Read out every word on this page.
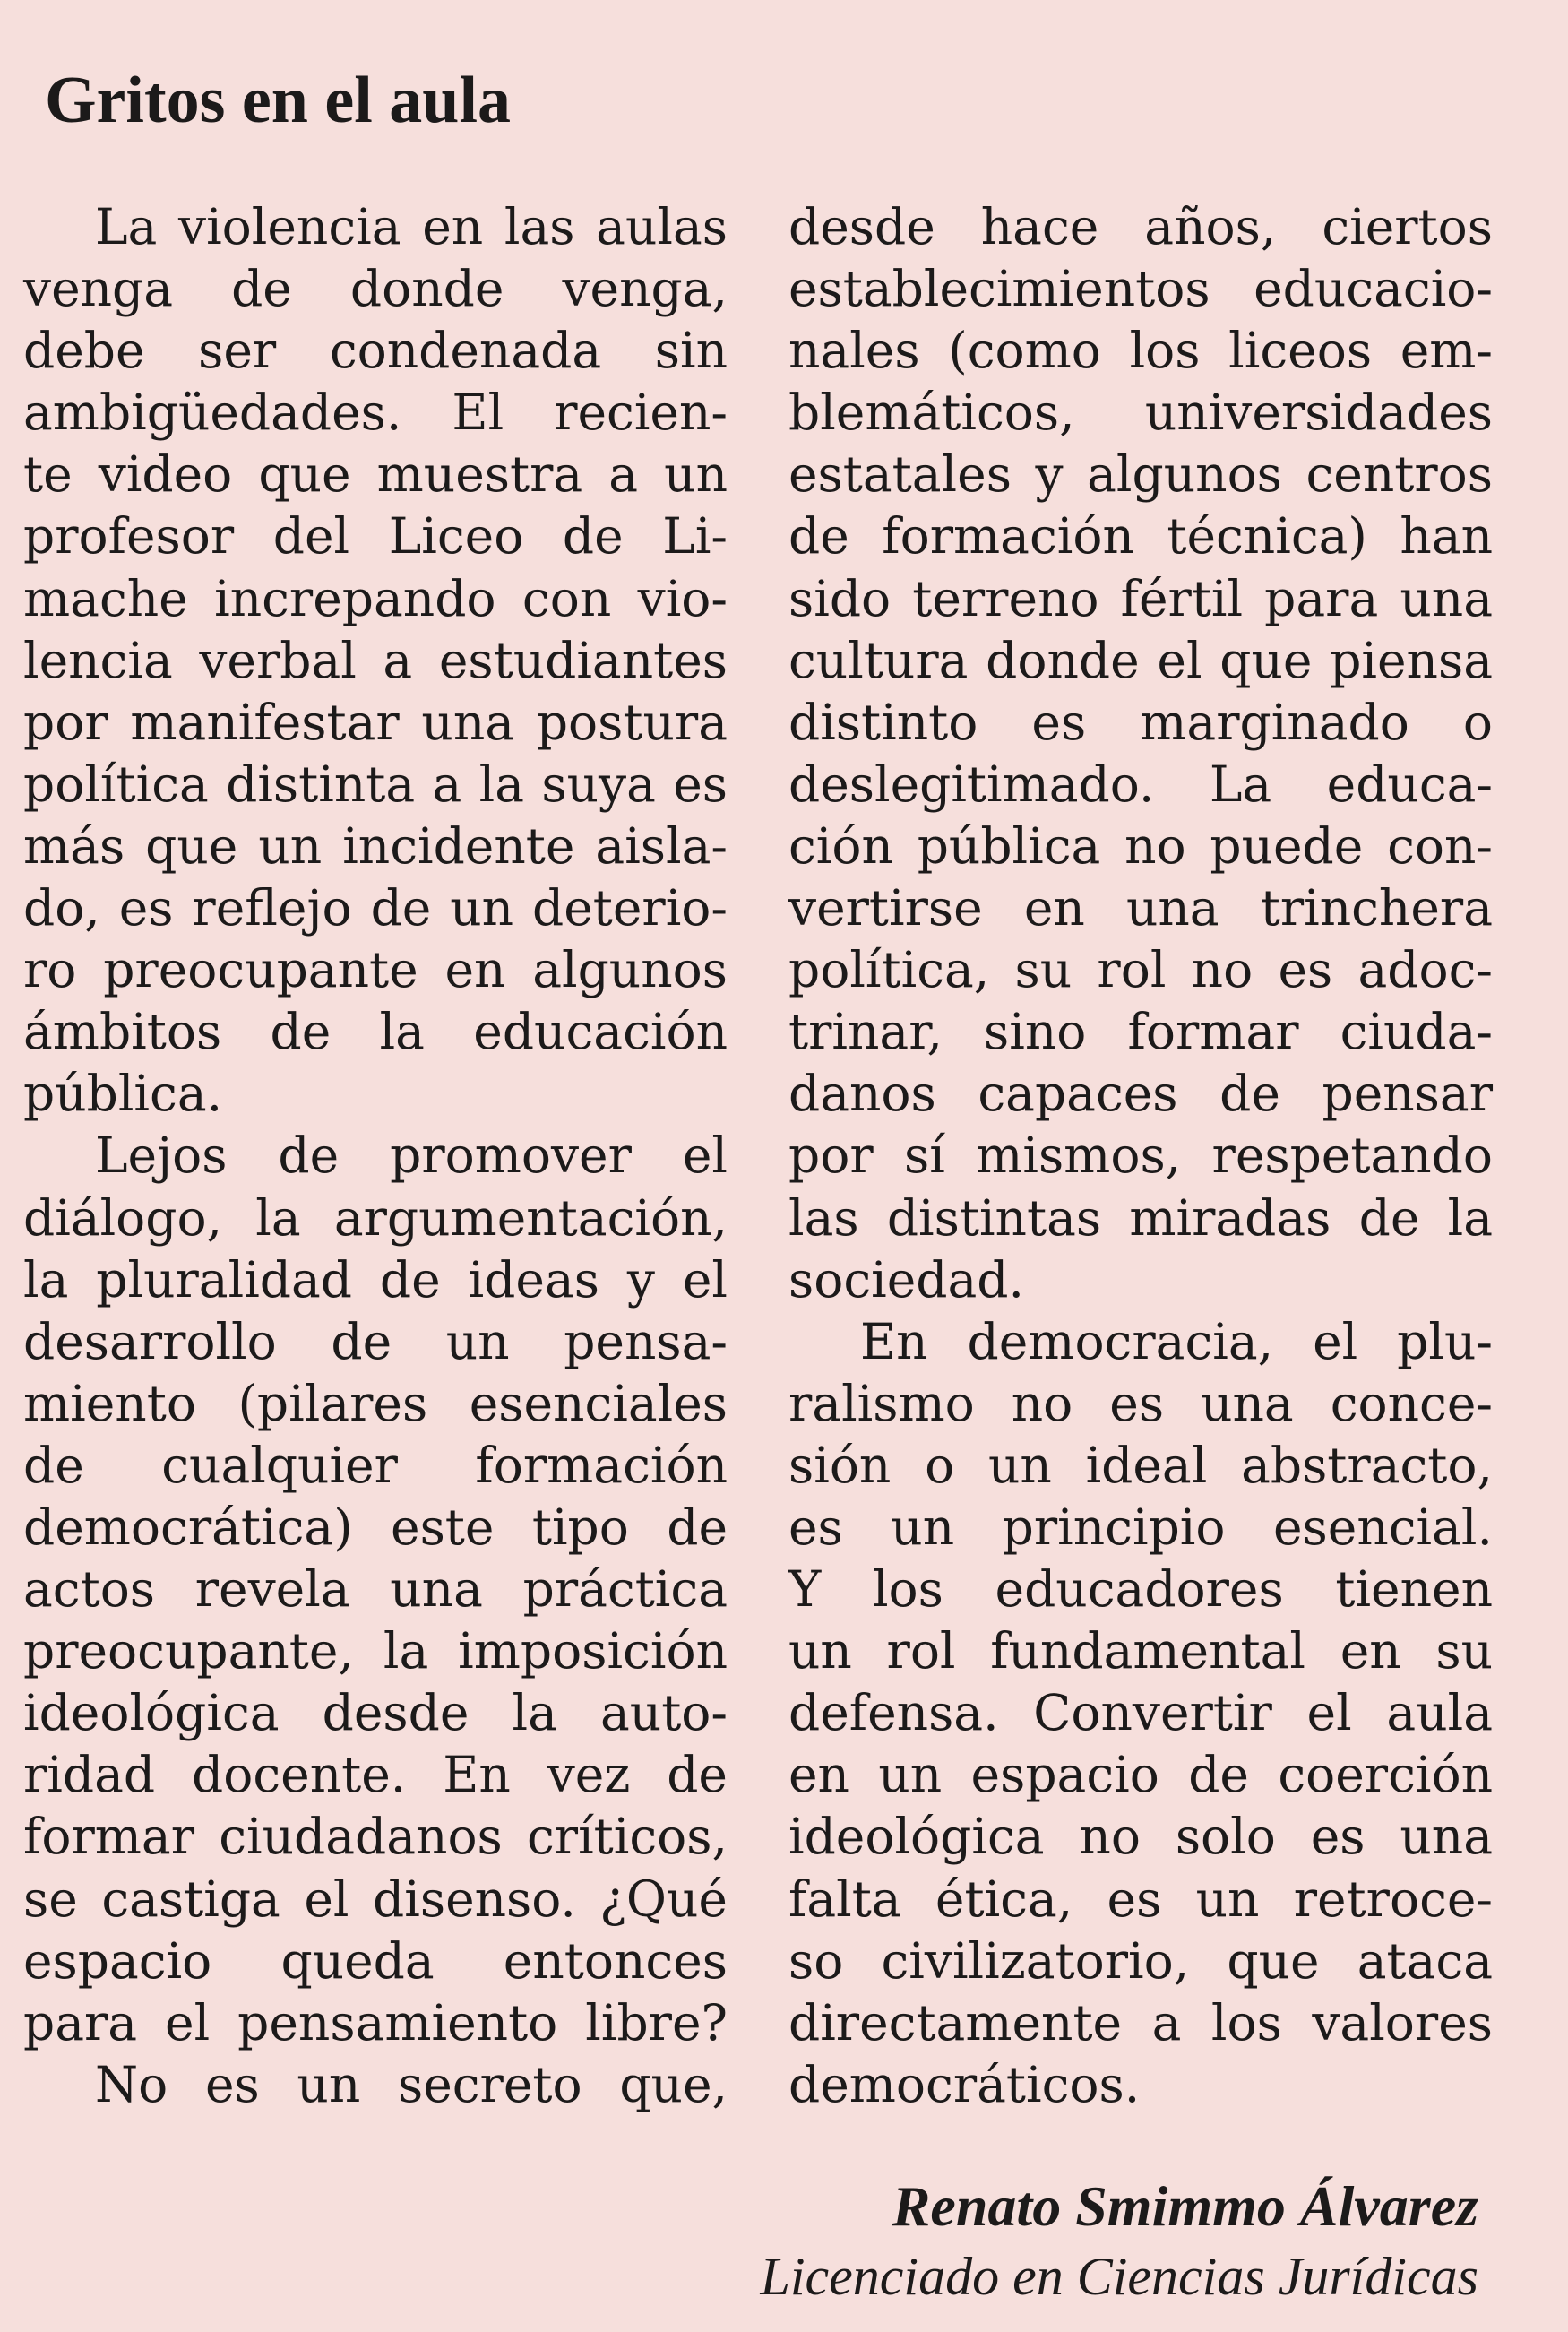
Gritos en el aula
La violencia en las aulas
venga de donde venga,
debe ser condenada sin
ambigüedades. El recien-
te video que muestra a un
profesor del Liceo de Li-
mache increpando con vio-
lencia verbal a estudiantes
por manifestar una postura
política distinta a la suya es
más que un incidente aisla-
do, es reflejo de un deterio-
ro preocupante en algunos
ámbitos de la educación
pública.
Lejos de promover el
diálogo, la argumentación,
la pluralidad de ideas y el
desarrollo de un pensa-
miento (pilares esenciales
de cualquier formación
democrática) este tipo de
actos revela una práctica
preocupante, la imposición
ideológica desde la auto-
ridad docente. En vez de
formar ciudadanos críticos,
se castiga el disenso. ¿Qué
espacio queda entonces
para el pensamiento libre?
No es un secreto que,
desde hace años, ciertos
establecimientos educacio-
nales (como los liceos em-
blemáticos, universidades
estatales y algunos centros
de formación técnica) han
sido terreno fértil para una
cultura donde el que piensa
distinto es marginado o
deslegitimado. La educa-
ción pública no puede con-
vertirse en una trinchera
política, su rol no es adoc-
trinar, sino formar ciuda-
danos capaces de pensar
por sí mismos, respetando
las distintas miradas de la
sociedad.
En democracia, el plu-
ralismo no es una conce-
sión o un ideal abstracto,
es un principio esencial.
Y los educadores tienen
un rol fundamental en su
defensa. Convertir el aula
en un espacio de coerción
ideológica no solo es una
falta ética, es un retroce-
so civilizatorio, que ataca
directamente a los valores
democráticos.
Renato Smimmo Álvarez
Licenciado en Ciencias Jurídicas
